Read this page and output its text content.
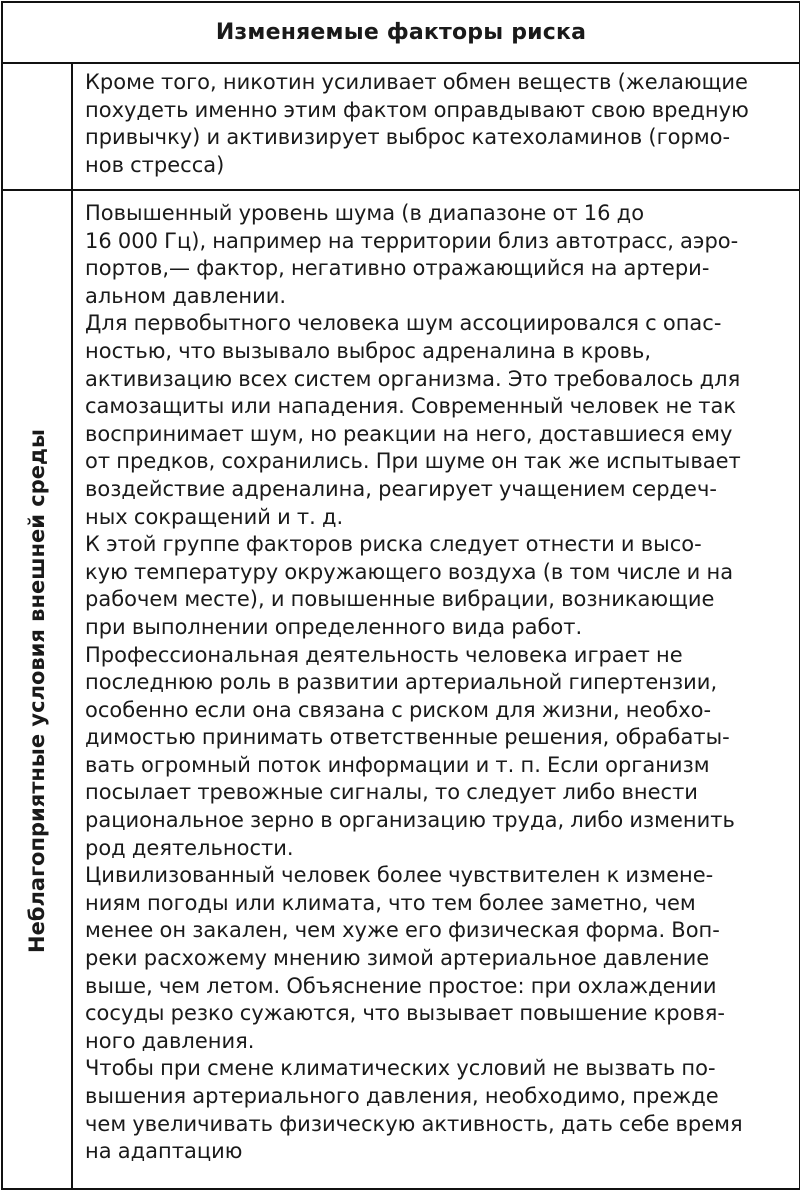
Изменяемые факторы риска
Кроме того, никотин усиливает обмен веществ (желающие
похудеть именно этим фактом оправдывают свою вредную
привычку) и активизирует выброс катехоламинов (гормо-
нов стресса)
Неблагоприятные условия внешней среды
Повышенный уровень шума (в диапазоне от 16 до
16 000 Гц), например на территории близ автотрасс, аэро-
портов,— фактор, негативно отражающийся на артери-
альном давлении.
Для первобытного человека шум ассоциировался с опас-
ностью, что вызывало выброс адреналина в кровь,
активизацию всех систем организма. Это требовалось для
самозащиты или нападения. Современный человек не так
воспринимает шум, но реакции на него, доставшиеся ему
от предков, сохранились. При шуме он так же испытывает
воздействие адреналина, реагирует учащением сердеч-
ных сокращений и т. д.
К этой группе факторов риска следует отнести и высо-
кую температуру окружающего воздуха (в том числе и на
рабочем месте), и повышенные вибрации, возникающие
при выполнении определенного вида работ.
Профессиональная деятельность человека играет не
последнюю роль в развитии артериальной гипертензии,
особенно если она связана с риском для жизни, необхо-
димостью принимать ответственные решения, обрабаты-
вать огромный поток информации и т. п. Если организм
посылает тревожные сигналы, то следует либо внести
рациональное зерно в организацию труда, либо изменить
род деятельности.
Цивилизованный человек более чувствителен к измене-
ниям погоды или климата, что тем более заметно, чем
менее он закален, чем хуже его физическая форма. Воп-
реки расхожему мнению зимой артериальное давление
выше, чем летом. Объяснение простое: при охлаждении
сосуды резко сужаются, что вызывает повышение кровя-
ного давления.
Чтобы при смене климатических условий не вызвать по-
вышения артериального давления, необходимо, прежде
чем увеличивать физическую активность, дать себе время
на адаптацию
